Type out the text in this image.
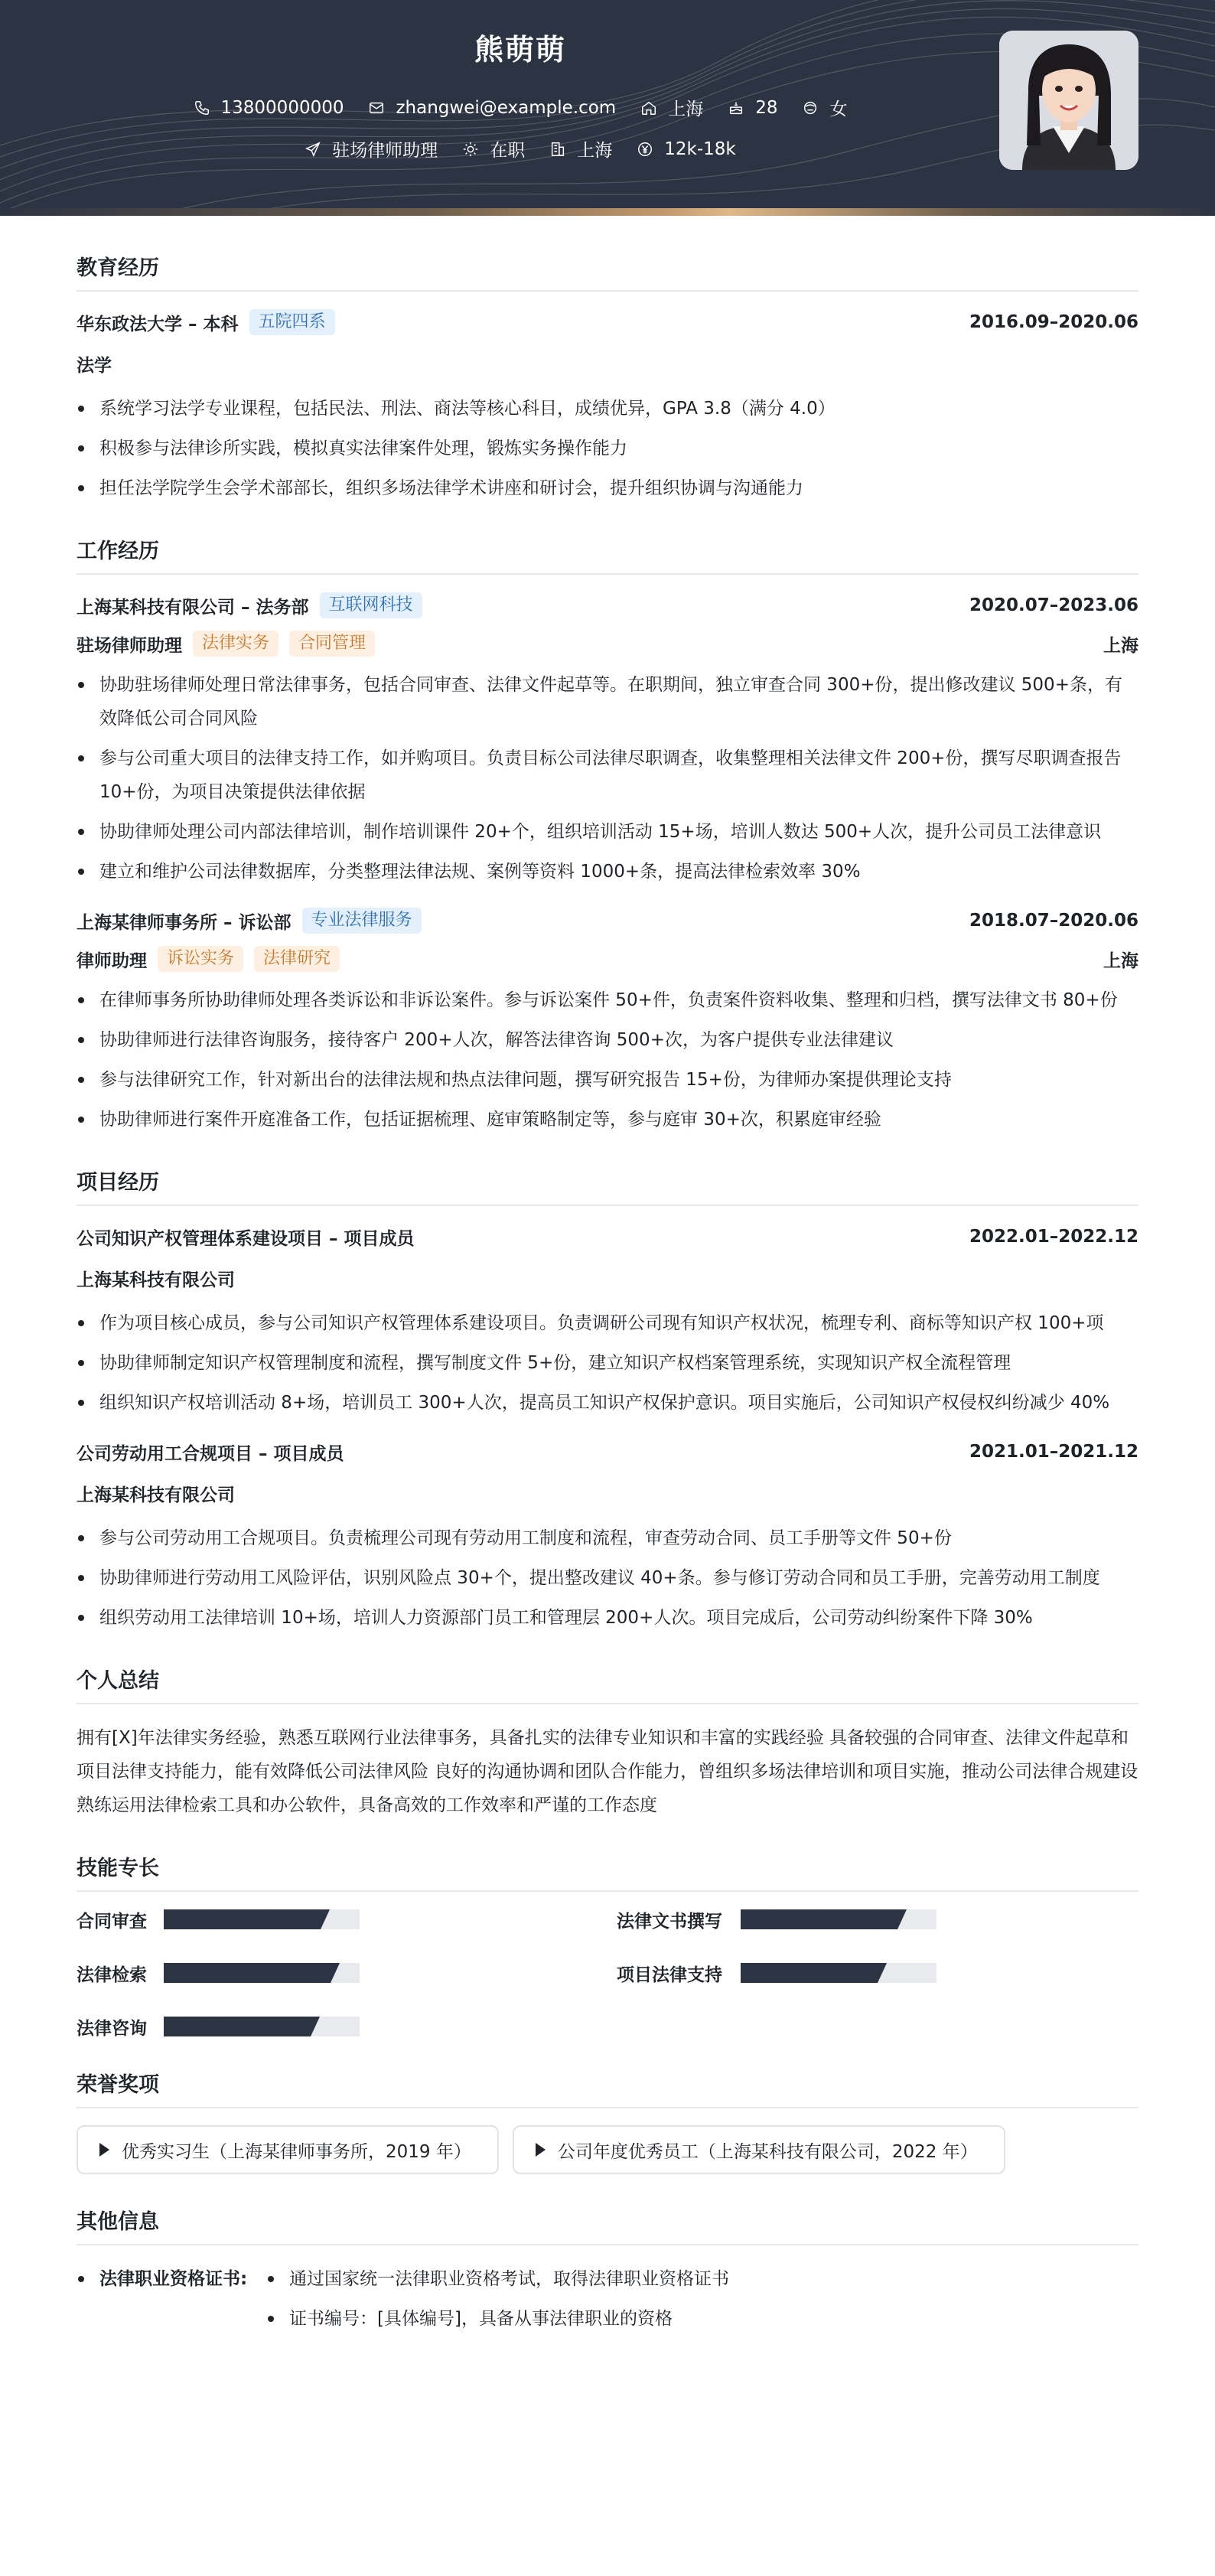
熊萌萌
13800000000	zhangwei@example.com	上海	28	女
驻场律师助理	在职	上海	12k-18k
教育经历
华东政法大学 – 本科	五院四系	2016.09–2020.06
法学
系统学习法学专业课程，包括民法、刑法、商法等核心科目，成绩优异，GPA 3.8（满分 4.0）
积极参与法律诊所实践，模拟真实法律案件处理，锻炼实务操作能力
担任法学院学生会学术部部长，组织多场法律学术讲座和研讨会，提升组织协调与沟通能力
工作经历
上海某科技有限公司 – 法务部	互联网科技	2020.07–2023.06
驻场律师助理	法律实务	合同管理	上海
协助驻场律师处理日常法律事务，包括合同审查、法律文件起草等。在职期间，独立审查合同 300+份，提出修改建议 500+条，有效降低公司合同风险
参与公司重大项目的法律支持工作，如并购项目。负责目标公司法律尽职调查，收集整理相关法律文件 200+份，撰写尽职调查报告 10+份，为项目决策提供法律依据
协助律师处理公司内部法律培训，制作培训课件 20+个，组织培训活动 15+场，培训人数达 500+人次，提升公司员工法律意识
建立和维护公司法律数据库，分类整理法律法规、案例等资料 1000+条，提高法律检索效率 30%
上海某律师事务所 – 诉讼部	专业法律服务	2018.07–2020.06
律师助理	诉讼实务	法律研究	上海
在律师事务所协助律师处理各类诉讼和非诉讼案件。参与诉讼案件 50+件，负责案件资料收集、整理和归档，撰写法律文书 80+份
协助律师进行法律咨询服务，接待客户 200+人次，解答法律咨询 500+次，为客户提供专业法律建议
参与法律研究工作，针对新出台的法律法规和热点法律问题，撰写研究报告 15+份，为律师办案提供理论支持
协助律师进行案件开庭准备工作，包括证据梳理、庭审策略制定等，参与庭审 30+次，积累庭审经验
项目经历
公司知识产权管理体系建设项目 – 项目成员	2022.01–2022.12
上海某科技有限公司
作为项目核心成员，参与公司知识产权管理体系建设项目。负责调研公司现有知识产权状况，梳理专利、商标等知识产权 100+项
协助律师制定知识产权管理制度和流程，撰写制度文件 5+份，建立知识产权档案管理系统，实现知识产权全流程管理
组织知识产权培训活动 8+场，培训员工 300+人次，提高员工知识产权保护意识。项目实施后，公司知识产权侵权纠纷减少 40%
公司劳动用工合规项目 – 项目成员	2021.01–2021.12
上海某科技有限公司
参与公司劳动用工合规项目。负责梳理公司现有劳动用工制度和流程，审查劳动合同、员工手册等文件 50+份
协助律师进行劳动用工风险评估，识别风险点 30+个，提出整改建议 40+条。参与修订劳动合同和员工手册，完善劳动用工制度
组织劳动用工法律培训 10+场，培训人力资源部门员工和管理层 200+人次。项目完成后，公司劳动纠纷案件下降 30%
个人总结
拥有[X]年法律实务经验，熟悉互联网行业法律事务，具备扎实的法律专业知识和丰富的实践经验 具备较强的合同审查、法律文件起草和项目法律支持能力，能有效降低公司法律风险 良好的沟通协调和团队合作能力，曾组织多场法律培训和项目实施，推动公司法律合规建设 熟练运用法律检索工具和办公软件，具备高效的工作效率和严谨的工作态度
技能专长
合同审查	法律文书撰写
法律检索	项目法律支持
法律咨询
荣誉奖项
优秀实习生（上海某律师事务所，2019 年）	公司年度优秀员工（上海某科技有限公司，2022 年）
其他信息
法律职业资格证书:	通过国家统一法律职业资格考试，取得法律职业资格证书
证书编号：[具体编号]，具备从事法律职业的资格
